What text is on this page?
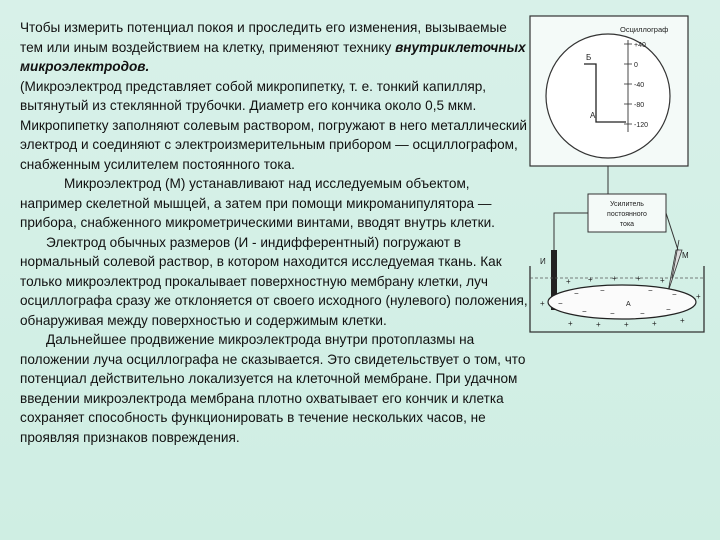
Чтобы измерить потенциал покоя и проследить его изменения, вызываемые тем или иным воздействием на клетку, применяют технику внутриклеточных микроэлектродов.

(Микроэлектрод представляет собой микропипетку, т. е. тонкий капилляр, вытянутый из стеклянной трубочки. Диаметр его кончика около 0,5 мкм. Микропипетку заполняют солевым раствором, погружают в него металлический электрод и соединяют с электроизмерительным прибором — осциллографом, снабженным усилителем постоянного тока.

Микроэлектрод (М) устанавливают над исследуемым объектом, например скелетной мышцей, а затем при помощи микроманипулятора — прибора, снабженного микрометрическими винтами, вводят внутрь клетки.

Электрод обычных размеров (И - индифферентный) погружают в нормальный солевой раствор, в котором находится исследуемая ткань. Как только микроэлектрод прокалывает поверхностную мембрану клетки, луч осциллографа сразу же отклоняется от своего исходного (нулевого) положения, обнаруживая между поверхностью и содержимым клетки.

Дальнейшее продвижение микроэлектрода внутри протоплазмы на положении луча осциллографа не сказывается. Это свидетельствует о том, что потенциал действительно локализуется на клеточной мембране. При удачном введении микроэлектрода мембрана плотно охватывает его кончик и клетка сохраняет способность функционировать в течение нескольких часов, не проявляя признаков повреждения.

Осциллограф
+40
0
-40
-80
-120
Б
А
Усилитель
постоянного
тока
И
М
А
+ + + + +
+
+
+	+	+	+	+
−	−	− −
−
−	−	−	−
